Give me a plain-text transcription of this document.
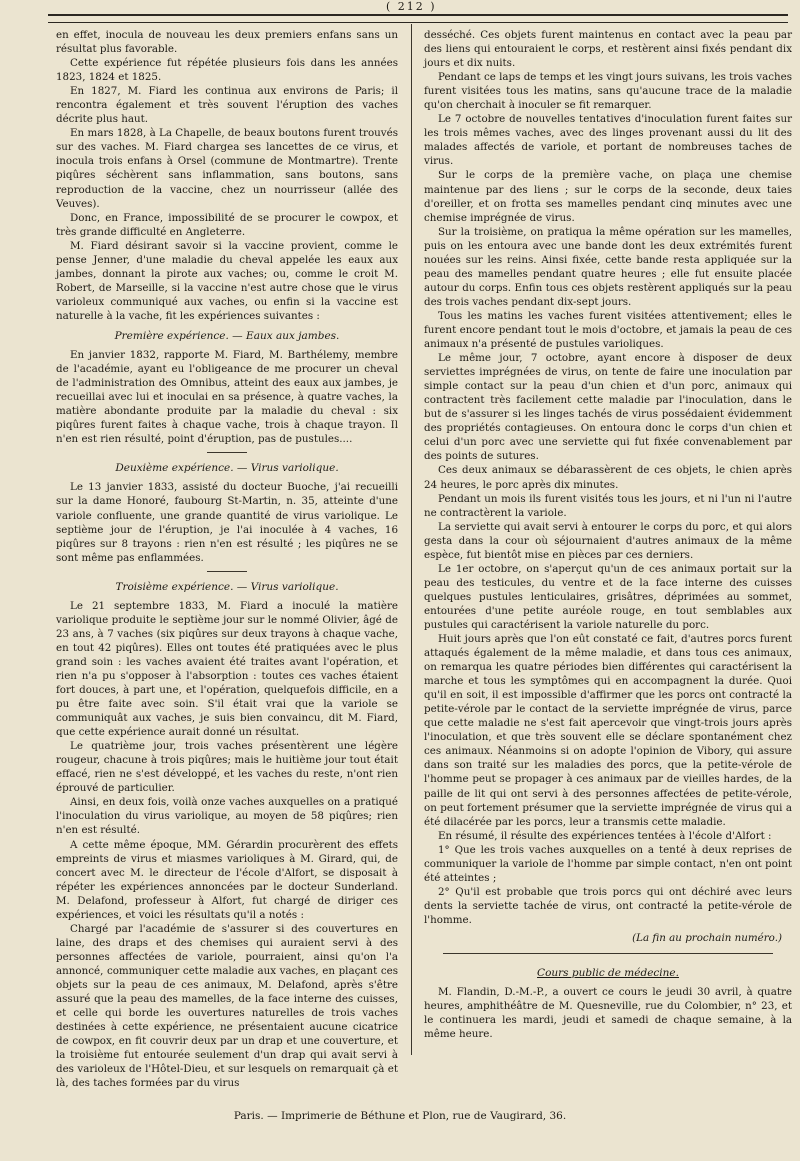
( 212 )

en effet, inocula de nouveau les deux premiers enfans sans un résultat plus favorable.

Cette expérience fut répétée plusieurs fois dans les années 1823, 1824 et 1825.

En 1827, M. Fiard les continua aux environs de Paris; il rencontra également et très souvent l'éruption des vaches décrite plus haut.

En mars 1828, à La Chapelle, de beaux boutons furent trouvés sur des vaches. M. Fiard chargea ses lancettes de ce virus, et inocula trois enfans à Orsel (commune de Montmartre). Trente piqûres séchèrent sans inflammation, sans boutons, sans reproduction de la vaccine, chez un nourrisseur (allée des Veuves).

Donc, en France, impossibilité de se procurer le cowpox, et très grande difficulté en Angleterre.

M. Fiard désirant savoir si la vaccine provient, comme le pense Jenner, d'une maladie du cheval appelée les eaux aux jambes, donnant la pirote aux vaches; ou, comme le croit M. Robert, de Marseille, si la vaccine n'est autre chose que le virus varioleux communiqué aux vaches, ou enfin si la vaccine est naturelle à la vache, fit les expériences suivantes :

Première expérience. — Eaux aux jambes.

En janvier 1832, rapporte M. Fiard, M. Barthélemy, membre de l'académie, ayant eu l'obligeance de me procurer un cheval de l'administration des Omnibus, atteint des eaux aux jambes, je recueillai avec lui et inoculai en sa présence, à quatre vaches, la matière abondante produite par la maladie du cheval : six piqûres furent faites à chaque vache, trois à chaque trayon. Il n'en est rien résulté, point d'éruption, pas de pustules....

Deuxième expérience. — Virus variolique.

Le 13 janvier 1833, assisté du docteur Buoche, j'ai recueilli sur la dame Honoré, faubourg St-Martin, n. 35, atteinte d'une variole confluente, une grande quantité de virus variolique. Le septième jour de l'éruption, je l'ai inoculée à 4 vaches, 16 piqûres sur 8 trayons : rien n'en est résulté ; les piqûres ne se sont même pas enflammées.

Troisième expérience. — Virus variolique.

Le 21 septembre 1833, M. Fiard a inoculé la matière variolique produite le septième jour sur le nommé Olivier, âgé de 23 ans, à 7 vaches (six piqûres sur deux trayons à chaque vache, en tout 42 piqûres). Elles ont toutes été pratiquées avec le plus grand soin : les vaches avaient été traites avant l'opération, et rien n'a pu s'opposer à l'absorption : toutes ces vaches étaient fort douces, à part une, et l'opération, quelquefois difficile, en a pu être faite avec soin. S'il était vrai que la variole se communiquât aux vaches, je suis bien convaincu, dit M. Fiard, que cette expérience aurait donné un résultat.

Le quatrième jour, trois vaches présentèrent une légère rougeur, chacune à trois piqûres; mais le huitième jour tout était effacé, rien ne s'est développé, et les vaches du reste, n'ont rien éprouvé de particulier.

Ainsi, en deux fois, voilà onze vaches auxquelles on a pratiqué l'inoculation du virus variolique, au moyen de 58 piqûres; rien n'en est résulté.

A cette même époque, MM. Gérardin procurèrent des effets empreints de virus et miasmes varioliques à M. Girard, qui, de concert avec M. le directeur de l'école d'Alfort, se disposait à répéter les expériences annoncées par le docteur Sunderland. M. Delafond, professeur à Alfort, fut chargé de diriger ces expériences, et voici les résultats qu'il a notés :

Chargé par l'académie de s'assurer si des couvertures en laine, des draps et des chemises qui auraient servi à des personnes affectées de variole, pourraient, ainsi qu'on l'a annoncé, communiquer cette maladie aux vaches, en plaçant ces objets sur la peau de ces animaux, M. Delafond, après s'être assuré que la peau des mamelles, de la face interne des cuisses, et celle qui borde les ouvertures naturelles de trois vaches destinées à cette expérience, ne présentaient aucune cicatrice de cowpox, en fit couvrir deux par un drap et une couverture, et la troisième fut entourée seulement d'un drap qui avait servi à des varioleux de l'Hôtel-Dieu, et sur lesquels on remarquait çà et là, des taches formées par du virus

desséché. Ces objets furent maintenus en contact avec la peau par des liens qui entouraient le corps, et restèrent ainsi fixés pendant dix jours et dix nuits.

Pendant ce laps de temps et les vingt jours suivans, les trois vaches furent visitées tous les matins, sans qu'aucune trace de la maladie qu'on cherchait à inoculer se fit remarquer.

Le 7 octobre de nouvelles tentatives d'inoculation furent faites sur les trois mêmes vaches, avec des linges provenant aussi du lit des malades affectés de variole, et portant de nombreuses taches de virus.

Sur le corps de la première vache, on plaça une chemise maintenue par des liens ; sur le corps de la seconde, deux taies d'oreiller, et on frotta ses mamelles pendant cinq minutes avec une chemise imprégnée de virus.

Sur la troisième, on pratiqua la même opération sur les mamelles, puis on les entoura avec une bande dont les deux extrémités furent nouées sur les reins. Ainsi fixée, cette bande resta appliquée sur la peau des mamelles pendant quatre heures ; elle fut ensuite placée autour du corps. Enfin tous ces objets restèrent appliqués sur la peau des trois vaches pendant dix-sept jours.

Tous les matins les vaches furent visitées attentivement; elles le furent encore pendant tout le mois d'octobre, et jamais la peau de ces animaux n'a présenté de pustules varioliques.

Le même jour, 7 octobre, ayant encore à disposer de deux serviettes imprégnées de virus, on tente de faire une inoculation par simple contact sur la peau d'un chien et d'un porc, animaux qui contractent très facilement cette maladie par l'inoculation, dans le but de s'assurer si les linges tachés de virus possédaient évidemment des propriétés contagieuses. On entoura donc le corps d'un chien et celui d'un porc avec une serviette qui fut fixée convenablement par des points de sutures.

Ces deux animaux se débarassèrent de ces objets, le chien après 24 heures, le porc après dix minutes.

Pendant un mois ils furent visités tous les jours, et ni l'un ni l'autre ne contractèrent la variole.

La serviette qui avait servi à entourer le corps du porc, et qui alors gesta dans la cour où séjournaient d'autres animaux de la même espèce, fut bientôt mise en pièces par ces derniers.

Le 1er octobre, on s'aperçut qu'un de ces animaux portait sur la peau des testicules, du ventre et de la face interne des cuisses quelques pustules lenticulaires, grisâtres, déprimées au sommet, entourées d'une petite auréole rouge, en tout semblables aux pustules qui caractérisent la variole naturelle du porc.

Huit jours après que l'on eût constaté ce fait, d'autres porcs furent attaqués également de la même maladie, et dans tous ces animaux, on remarqua les quatre périodes bien différentes qui caractérisent la marche et tous les symptômes qui en accompagnent la durée. Quoi qu'il en soit, il est impossible d'affirmer que les porcs ont contracté la petite-vérole par le contact de la serviette imprégnée de virus, parce que cette maladie ne s'est fait apercevoir que vingt-trois jours après l'inoculation, et que très souvent elle se déclare spontanément chez ces animaux. Néanmoins si on adopte l'opinion de Vibory, qui assure dans son traité sur les maladies des porcs, que la petite-vérole de l'homme peut se propager à ces animaux par de vieilles hardes, de la paille de lit qui ont servi à des personnes affectées de petite-vérole, on peut fortement présumer que la serviette imprégnée de virus qui a été dilacérée par les porcs, leur a transmis cette maladie.

En résumé, il résulte des expériences tentées à l'école d'Alfort :

1° Que les trois vaches auxquelles on a tenté à deux reprises de communiquer la variole de l'homme par simple contact, n'en ont point été atteintes ;

2° Qu'il est probable que trois porcs qui ont déchiré avec leurs dents la serviette tachée de virus, ont contracté la petite-vérole de l'homme.

(La fin au prochain numéro.)
Cours public de médecine.

M. Flandin, D.-M.-P., a ouvert ce cours le jeudi 30 avril, à quatre heures, amphithéâtre de M. Quesneville, rue du Colombier, n° 23, et le continuera les mardi, jeudi et samedi de chaque semaine, à la même heure.

Paris. — Imprimerie de Béthune et Plon, rue de Vaugirard, 36.
